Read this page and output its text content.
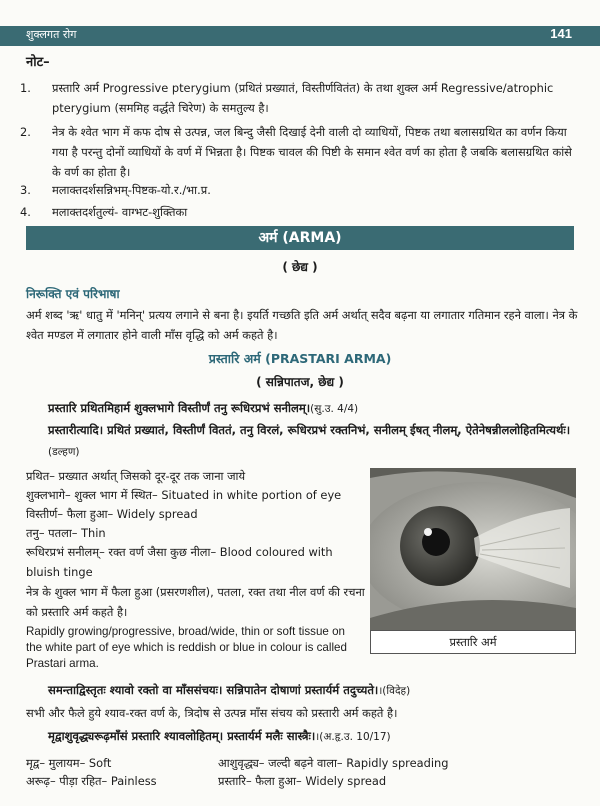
शुक्लगत रोग	141
नोट–
1. प्रस्तारि अर्म Progressive pterygium (प्रथितं प्रख्यातं, विस्तीर्णवितंत) के तथा शुक्ल अर्म Regressive/atrophic pterygium (सममिह वर्द्धते चिरेण) के समतुल्य है।
2. नेत्र के श्वेत भाग में कफ दोष से उत्पन्न, जल बिन्दु जैसी दिखाई देनी वाली दो व्याधियों, पिष्टक तथा बलासग्रथित का वर्णन किया गया है परन्तु दोनों व्याधियों के वर्ण में भिन्नता है। पिष्टक चावल की पिष्टी के समान श्वेत वर्ण का होता है जबकि बलासग्रथित कांसे के वर्ण का होता है।
3. मलाक्तदर्शसन्निभम्-पिष्टक-यो.र./भा.प्र.
4. मलाक्तदर्शतुल्यं- वाग्भट-शुक्तिका
अर्म (ARMA)
( छेद्य )
निरूक्ति एवं परिभाषा
अर्म शब्द 'ऋ' धातु में 'मनिन्' प्रत्यय लगाने से बना है। इयर्ति गच्छति इति अर्म अर्थात् सदैव बढ़ना या लगातार गतिमान रहने वाला। नेत्र के श्वेत मण्डल में लगातार होने वाली माँस वृद्धि को अर्म कहते है।
प्रस्तारि अर्म (PRASTARI ARMA)
( सन्निपातज, छेद्य )
प्रस्तारि प्रथितमिहार्म शुक्लभागे विस्तीर्णं तनु रूधिरप्रभं सनीलम्।(सु.उ. 4/4)
प्रस्तारीत्यादि। प्रथितं प्रख्यातं, विस्तीर्णं विततं, तनु विरलं, रूधिरप्रभं रक्तनिभं, सनीलम् ईषत् नीलम्, ऐतेनेषन्नीललोहितमित्यर्थः।(डल्हण)
प्रथित– प्रख्यात अर्थात् जिसको दूर-दूर तक जाना जाये
शुक्लभागे– शुक्ल भाग में स्थित– Situated in white portion of eye
विस्तीर्ण– फैला हुआ– Widely spread
तनु– पतला– Thin
रूधिरप्रभं सनीलम्– रक्त वर्ण जैसा कुछ नीला– Blood coloured with bluish tinge
नेत्र के शुक्ल भाग में फैला हुआ (प्रसरणशील), पतला, रक्त तथा नील वर्ण की रचना को प्रस्तारि अर्म कहते है।
Rapidly growing/progressive, broad/wide, thin or soft tissue on the white part of eye which is reddish or blue in colour is called Prastari arma.
प्रस्तारि अर्म
समन्ताद्विस्तृतः श्यावो रक्तो वा माँससंचयः। सन्निपातेन दोषाणां प्रस्तार्यर्म तदुच्यते।।(विदेह)
सभी और फैले हुये श्याव-रक्त वर्ण के, त्रिदोष से उत्पन्न माँस संचय को प्रस्तारी अर्म कहते है।
मृद्वाशुवृद्ध्यरूढ़माँसं प्रस्तारि श्यावलोहितम्। प्रस्तार्यर्म मलैः सास्त्रैः।।(अ.हृ.उ. 10/17)
मृद्व– मुलायम– Soft
अरूढ़– पीड़ा रहित– Painless
आशुवृद्ध्य– जल्दी बढ़ने वाला– Rapidly spreading
प्रस्तारि– फैला हुआ– Widely spread
